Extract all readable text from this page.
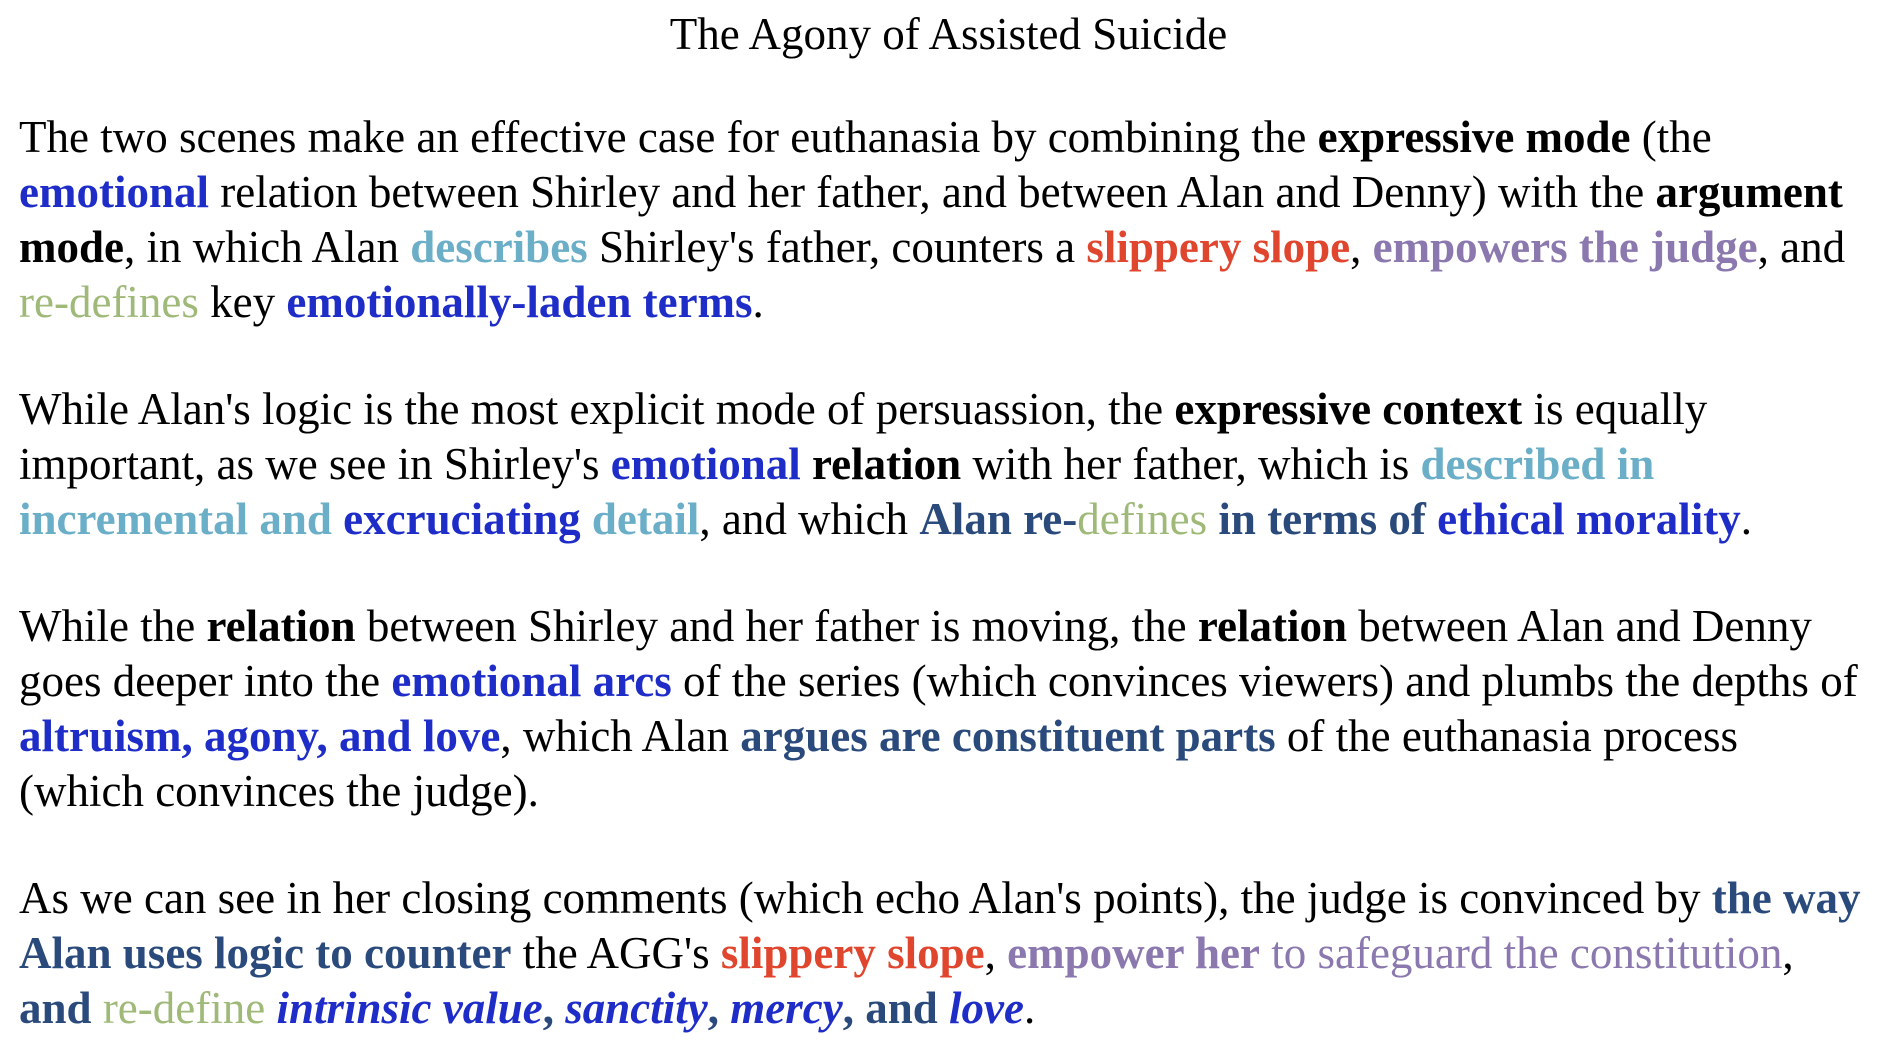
The Agony of Assisted Suicide

The two scenes make an effective case for euthanasia by combining the expressive mode (the emotional relation between Shirley and her father, and between Alan and Denny) with the argument mode, in which Alan describes Shirley's father, counters a slippery slope, empowers the judge, and re-defines key emotionally-laden terms.

While Alan's logic is the most explicit mode of persuassion, the expressive context is equally important, as we see in Shirley's emotional relation with her father, which is described in incremental and excruciating detail, and which Alan re-defines in terms of ethical morality.

While the relation between Shirley and her father is moving, the relation between Alan and Denny goes deeper into the emotional arcs of the series (which convinces viewers) and plumbs the depths of altruism, agony, and love, which Alan argues are constituent parts of the euthanasia process (which convinces the judge).

As we can see in her closing comments (which echo Alan's points), the judge is convinced by the way Alan uses logic to counter the AGG's slippery slope, empower her to safeguard the constitution, and re-define intrinsic value, sanctity, mercy, and love.
